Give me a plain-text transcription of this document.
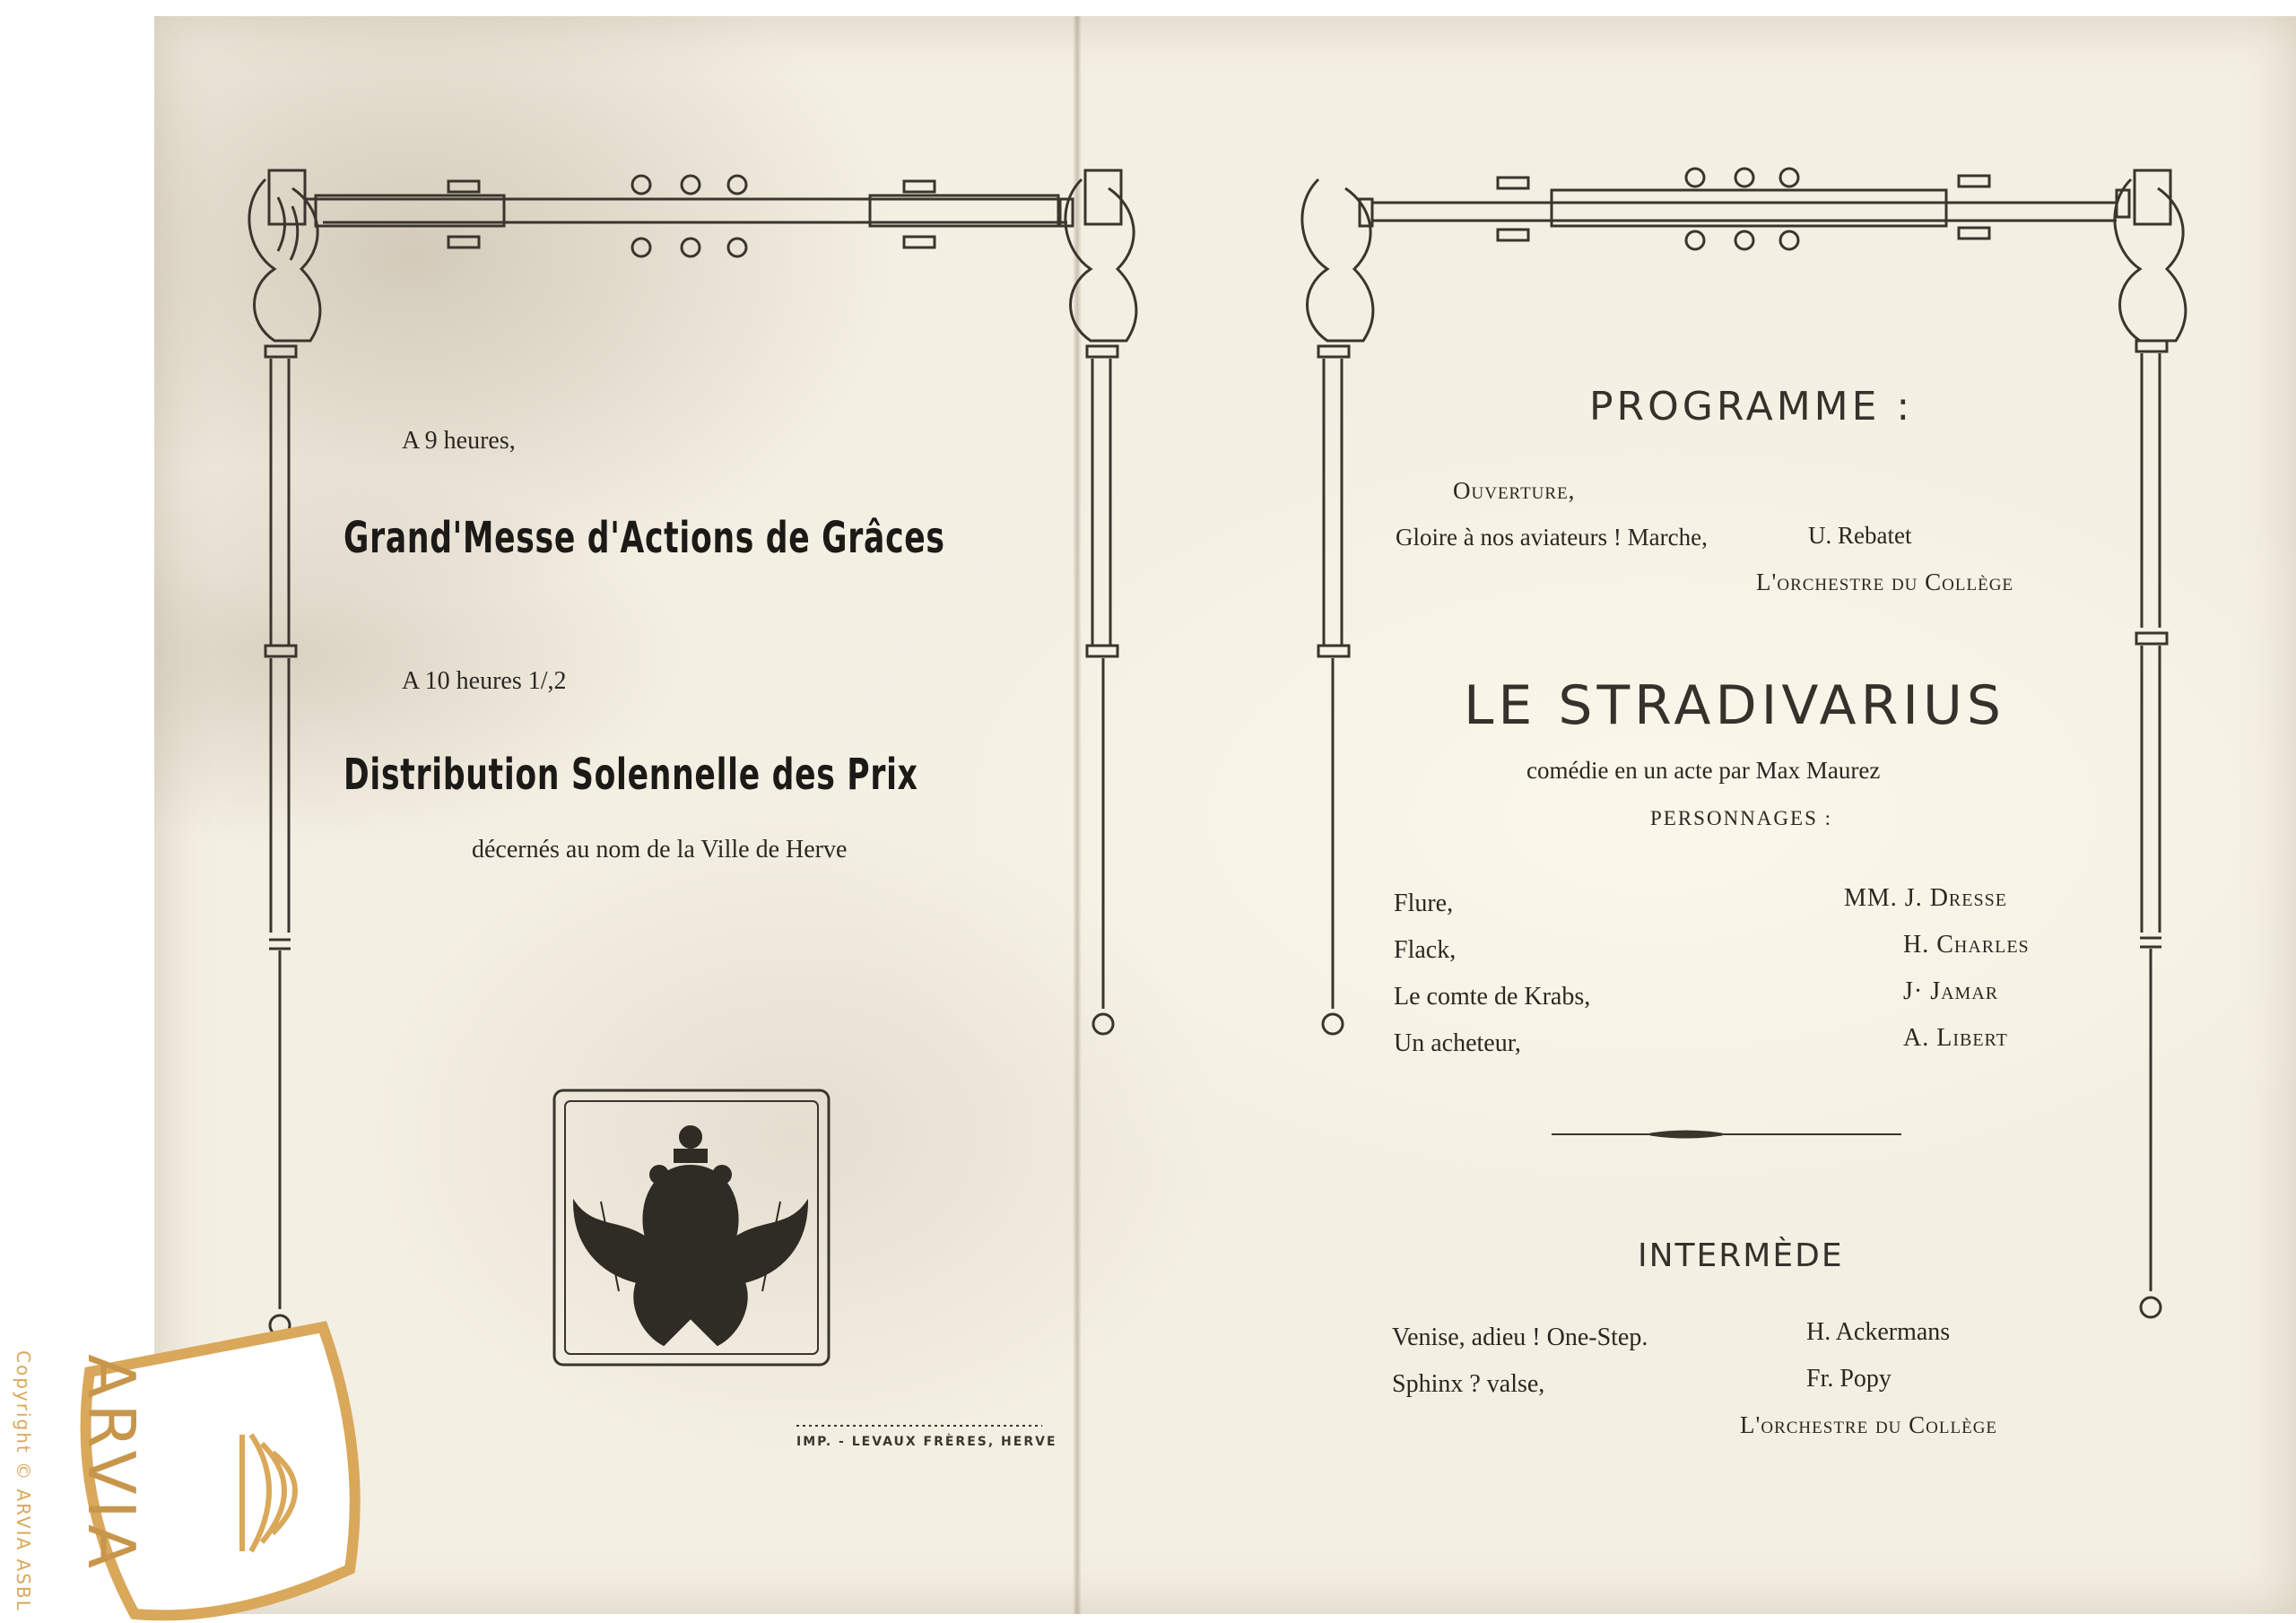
A 9 heures,
Grand'Messe d'Actions de Grâces
A 10 heures 1/,2
Distribution Solennelle des Prix
décernés au nom de la Ville de Herve
IMP. - LEVAUX FRÈRES, HERVE
PROGRAMME :
Ouverture,
Gloire à nos aviateurs ! Marche,	U. Rebatet
L'orchestre du Collège
LE STRADIVARIUS
comédie en un acte par Max Maurez
PERSONNAGES :
Flure,	MM. J. Dresse
Flack,	H. Charles
Le comte de Krabs,	J· Jamar
Un acheteur,	A. Libert
INTERMÈDE
Venise, adieu ! One-Step.	H. Ackermans
Sphinx ? valse,	Fr. Popy
L'orchestre du Collège
Copyright © ARVIA ASBL ARVIA
